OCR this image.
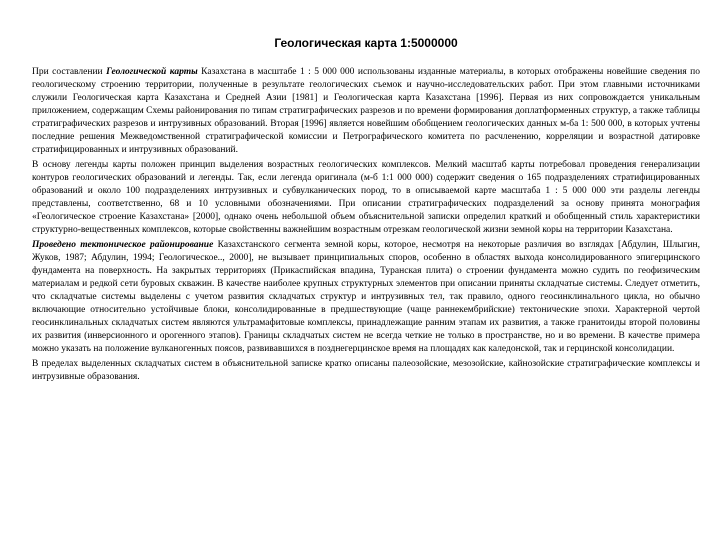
Геологическая карта 1:5000000

При составлении Геологической карты Казахстана в масштабе 1 : 5 000 000 использованы изданные материалы, в которых отображены новейшие сведения по геологическому строению территории, полученные в результате геологических съемок и научно-исследовательских работ. При этом главными источниками служили Геологическая карта Казахстана и Средней Азии [1981] и Геологическая карта Казахстана [1996]. Первая из них сопровождается уникальным приложением, содержащим Схемы районирования по типам стратиграфических разрезов и по времени формирования доплатформенных структур, а также таблицы стратиграфических разрезов и интрузивных образований. Вторая [1996] является новейшим обобщением геологических данных м-ба 1: 500 000, в которых учтены последние решения Межведомственной стратиграфической комиссии и Петрографического комитета по расчленению, корреляции и возрастной датировке стратифицированных и интрузивных образований.

В основу легенды карты положен принцип выделения возрастных геологических комплексов. Мелкий масштаб карты потребовал проведения генерализации контуров геологических образований и легенды. Так, если легенда оригинала (м-б 1:1 000 000) содержит сведения о 165 подразделениях стратифицированных образований и около 100 подразделениях интрузивных и субвулканических пород, то в описываемой карте масштаба 1 : 5 000 000 эти разделы легенды представлены, соответственно, 68 и 10 условными обозначениями. При описании стратиграфических подразделений за основу принята монография «Геологическое строение Казахстана» [2000], однако очень небольшой объем объяснительной записки определил краткий и обобщенный стиль характеристики структурно-вещественных комплексов, которые свойственны важнейшим возрастным отрезкам геологической жизни земной коры на территории Казахстана.

Проведено тектоническое районирование Казахстанского сегмента земной коры, которое, несмотря на некоторые различия во взглядах [Абдулин, Шлыгин, Жуков, 1987; Абдулин, 1994; Геологическое.., 2000], не вызывает принципиальных споров, особенно в областях выхода консолидированного эпигерцинского фундамента на поверхность. На закрытых территориях (Прикаспийская впадина, Туранская плита) о строении фундамента можно судить по геофизическим материалам и редкой сети буровых скважин. В качестве наиболее крупных структурных элементов при описании приняты складчатые системы. Следует отметить, что складчатые системы выделены с учетом развития складчатых структур и интрузивных тел, так правило, одного геосинклинального цикла, но обычно включающие относительно устойчивые блоки, консолидированные в предшествующие (чаще раннекембрийские) тектонические эпохи. Характерной чертой геосинклинальных складчатых систем являются ультрамафитовые комплексы, принадлежащие ранним этапам их развития, а также гранитоиды второй половины их развития (инверсионного и орогенного этапов). Границы складчатых систем не всегда четкие не только в пространстве, но и во времени. В качестве примера можно указать на положение вулканогенных поясов, развивавшихся в позднегерцинское время на площадях как каледонской, так и герцинской консолидации.

В пределах выделенных складчатых систем в объяснительной записке кратко описаны палеозойские, мезозойские, кайнозойские стратиграфические комплексы и интрузивные образования.
